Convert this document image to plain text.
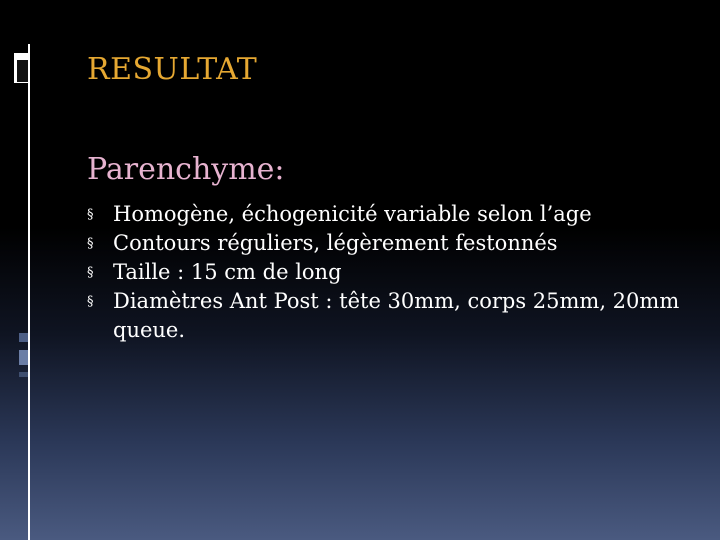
RESULTAT
Parenchyme:
§ Homogène, échogenicité variable selon l’age
§ Contours réguliers, légèrement festonnés
§ Taille : 15 cm de long
§ Diamètres Ant Post : tête 30mm, corps 25mm, 20mm queue.
